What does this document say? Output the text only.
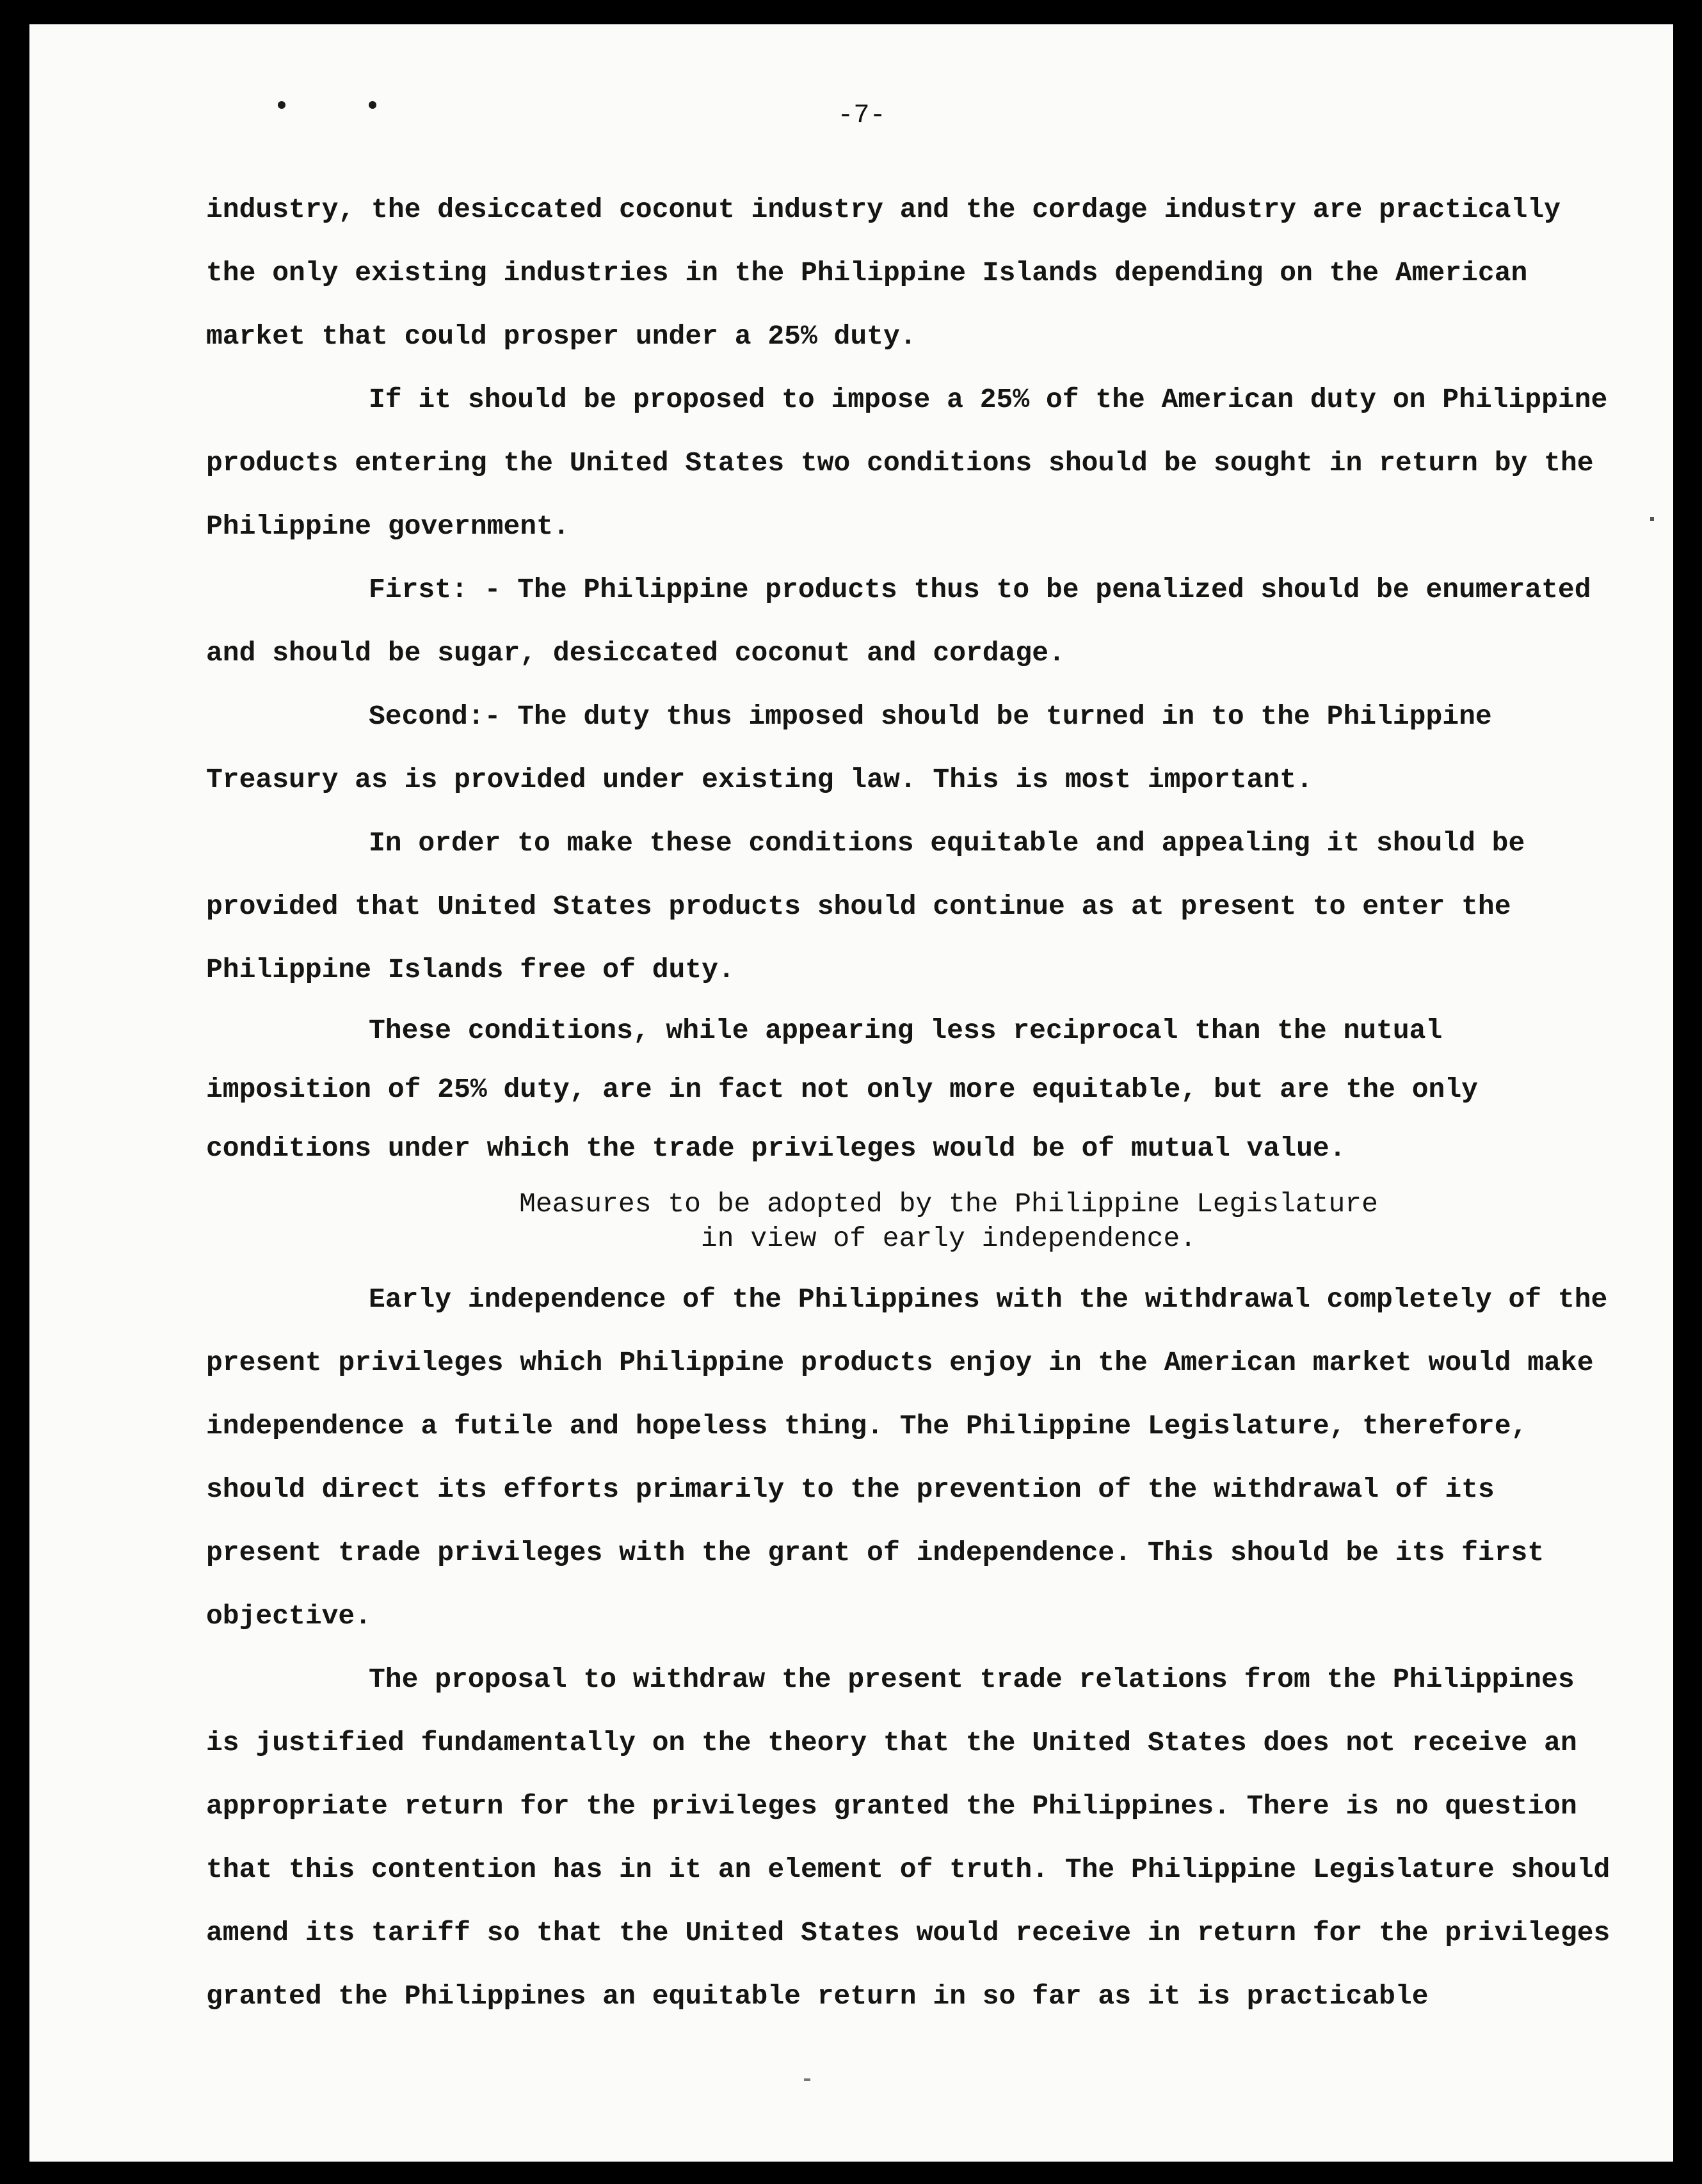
-7-

industry, the desiccated coconut industry and the cordage industry are practically the only existing industries in the Philippine Islands depending on the American market that could prosper under a 25% duty.

If it should be proposed to impose a 25% of the American duty on Philippine products entering the United States two conditions should be sought in return by the Philippine government.

First: - The Philippine products thus to be penalized should be enumerated and should be sugar, desiccated coconut and cordage.

Second:- The duty thus imposed should be turned in to the Philippine Treasury as is provided under existing law. This is most important.

In order to make these conditions equitable and appealing it should be provided that United States products should continue as at present to enter the Philippine Islands free of duty.

These conditions, while appearing less reciprocal than the nutual imposition of 25% duty, are in fact not only more equitable, but are the only conditions under which the trade privileges would be of mutual value.

Measures to be adopted by the Philippine Legislature
in view of early independence.

Early independence of the Philippines with the withdrawal completely of the present privileges which Philippine products enjoy in the American market would make independence a futile and hopeless thing. The Philippine Legislature, therefore, should direct its efforts primarily to the prevention of the withdrawal of its present trade privileges with the grant of independence. This should be its first objective.

The proposal to withdraw the present trade relations from the Philippines is justified fundamentally on the theory that the United States does not receive an appropriate return for the privileges granted the Philippines. There is no question that this contention has in it an element of truth. The Philippine Legislature should amend its tariff so that the United States would receive in return for the privileges granted the Philippines an equitable return in so far as it is practicable
